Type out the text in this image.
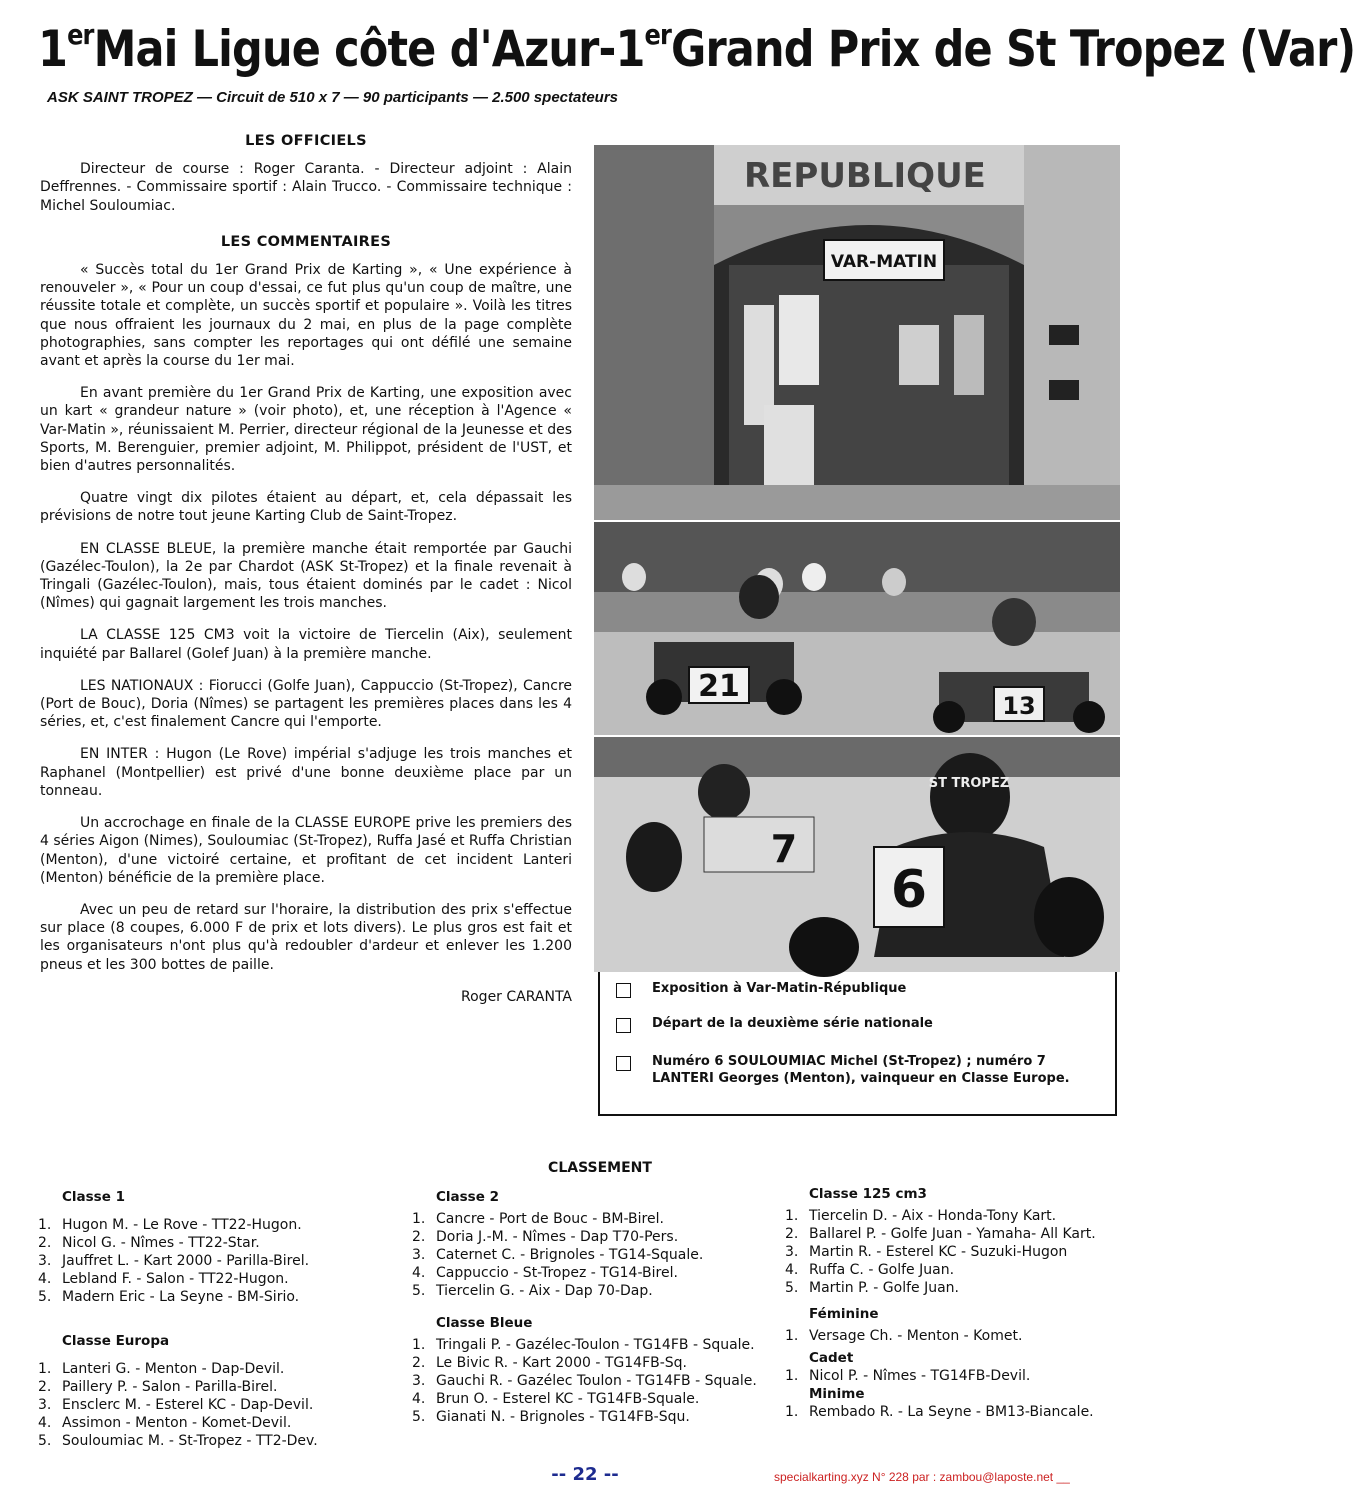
1erMai Ligue côte d'Azur-1erGrand Prix de St Tropez (Var)
ASK SAINT TROPEZ — Circuit de 510 x 7 — 90 participants — 2.500 spectateurs
LES OFFICIELS

Directeur de course : Roger Caranta. - Directeur adjoint : Alain Deffrennes. - Commissaire sportif : Alain Trucco. - Commissaire technique : Michel Souloumiac.

LES COMMENTAIRES

« Succès total du 1er Grand Prix de Karting », « Une expérience à renouveler », « Pour un coup d'essai, ce fut plus qu'un coup de maître, une réussite totale et complète, un succès sportif et populaire ». Voilà les titres que nous offraient les journaux du 2 mai, en plus de la page complète photographies, sans compter les reportages qui ont défilé une semaine avant et après la course du 1er mai.

En avant première du 1er Grand Prix de Karting, une exposition avec un kart « grandeur nature » (voir photo), et, une réception à l'Agence « Var-Matin », réunissaient M. Perrier, directeur régional de la Jeunesse et des Sports, M. Berenguier, premier adjoint, M. Philippot, président de l'UST, et bien d'autres personnalités.

Quatre vingt dix pilotes étaient au départ, et, cela dépassait les prévisions de notre tout jeune Karting Club de Saint-Tropez.

EN CLASSE BLEUE, la première manche était remportée par Gauchi (Gazélec-Toulon), la 2e par Chardot (ASK St-Tropez) et la finale revenait à Tringali (Gazélec-Toulon), mais, tous étaient dominés par le cadet : Nicol (Nîmes) qui gagnait largement les trois manches.

LA CLASSE 125 CM3 voit la victoire de Tiercelin (Aix), seulement inquiété par Ballarel (Golef Juan) à la première manche.

LES NATIONAUX : Fiorucci (Golfe Juan), Cappuccio (St-Tropez), Cancre (Port de Bouc), Doria (Nîmes) se partagent les premières places dans les 4 séries, et, c'est finalement Cancre qui l'emporte.

EN INTER : Hugon (Le Rove) impérial s'adjuge les trois manches et Raphanel (Montpellier) est privé d'une bonne deuxième place par un tonneau.

Un accrochage en finale de la CLASSE EUROPE prive les premiers des 4 séries Aigon (Nimes), Souloumiac (St-Tropez), Ruffa Jasé et Ruffa Christian (Menton), d'une victoiré certaine, et profitant de cet incident Lanteri (Menton) bénéficie de la première place.

Avec un peu de retard sur l'horaire, la distribution des prix s'effectue sur place (8 coupes, 6.000 F de prix et lots divers). Le plus gros est fait et les organisateurs n'ont plus qu'à redoubler d'ardeur et enlever les 1.200 pneus et les 300 bottes de paille.

Roger CARANTA
REPUBLIQUE
VAR-MATIN
21
13
ST TROPEZ
6
7
Exposition à Var-Matin-République
Départ de la deuxième série nationale
Numéro 6 SOULOUMIAC Michel (St-Tropez) ; numéro 7 LANTERI Georges (Menton), vainqueur en Classe Europe.
CLASSEMENT
Classe 1
1. Hugon M. - Le Rove - TT22-Hugon.
2. Nicol G. - Nîmes - TT22-Star.
3. Jauffret L. - Kart 2000 - Parilla-Birel.
4. Lebland F. - Salon - TT22-Hugon.
5. Madern Eric - La Seyne - BM-Sirio.
Classe Europa
1. Lanteri G. - Menton - Dap-Devil.
2. Paillery P. - Salon - Parilla-Birel.
3. Ensclerc M. - Esterel KC - Dap-Devil.
4. Assimon - Menton - Komet-Devil.
5. Souloumiac M. - St-Tropez - TT2-Dev.
Classe 2
1. Cancre - Port de Bouc - BM-Birel.
2. Doria J.-M. - Nîmes - Dap T70-Pers.
3. Caternet C. - Brignoles - TG14-Squale.
4. Cappuccio - St-Tropez - TG14-Birel.
5. Tiercelin G. - Aix - Dap 70-Dap.
Classe Bleue
1. Tringali P. - Gazélec-Toulon - TG14FB - Squale.
2. Le Bivic R. - Kart 2000 - TG14FB-Sq.
3. Gauchi R. - Gazélec Toulon - TG14FB - Squale.
4. Brun O. - Esterel KC - TG14FB-Squale.
5. Gianati N. - Brignoles - TG14FB-Squ.
Classe 125 cm3
1. Tiercelin D. - Aix - Honda-Tony Kart.
2. Ballarel P. - Golfe Juan - Yamaha- All Kart.
3. Martin R. - Esterel KC - Suzuki-Hugon
4. Ruffa C. - Golfe Juan.
5. Martin P. - Golfe Juan.
Féminine
1. Versage Ch. - Menton - Komet.
Cadet
1. Nicol P. - Nîmes - TG14FB-Devil.
Minime
1. Rembado R. - La Seyne - BM13-Biancale.
-- 22 --	specialkarting.xyz N° 228 par : zambou@laposte.net __
